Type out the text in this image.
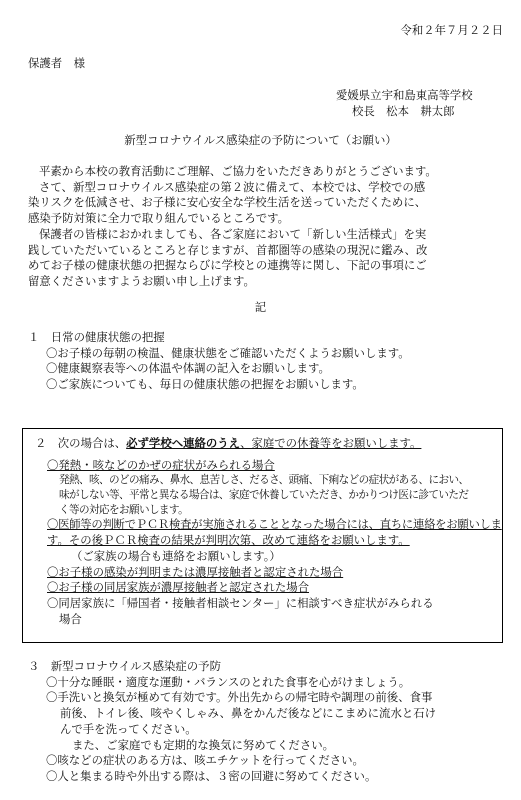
令和２年７月２２日
保護者　様
愛媛県立宇和島東高等学校
校長　松本　耕太郎
新型コロナウイルス感染症の予防について（お願い）

平素から本校の教育活動にご理解、ご協力をいただきありがとうございます。

さて、新型コロナウイルス感染症の第２波に備えて、本校では、学校での感

染リスクを低減させ、お子様に安心安全な学校生活を送っていただくために、

感染予防対策に全力で取り組んでいるところです。

保護者の皆様におかれましても、各ご家庭において「新しい生活様式」を実

践していただいているところと存じますが、首都圏等の感染の現況に鑑み、改

めてお子様の健康状態の把握ならびに学校との連携等に関し、下記の事項にご

留意くださいますようお願い申し上げます。

記
１　日常の健康状態の把握

〇お子様の毎朝の検温、健康状態をご確認いただくようお願いします。

〇健康観察表等への体温や体調の記入をお願いします。

〇ご家族についても、毎日の健康状態の把握をお願いします。

２　次の場合は、必ず学校へ連絡のうえ、家庭での休養等をお願いします。
〇発熱・咳などのかぜの症状がみられる場合
発熱、咳、のどの痛み、鼻水、息苦しさ、だるさ、頭痛、下痢などの症状がある、におい、
味がしない等、平常と異なる場合は、家庭で休養していただき、かかりつけ医に診ていただ
く等の対応をお願いします。
〇医師等の判断でＰＣＲ検査が実施されることとなった場合には、直ちに連絡をお願いしま
す。その後ＰＣＲ検査の結果が判明次第、改めて連絡をお願いします。
（ご家族の場合も連絡をお願いします。）
〇お子様の感染が判明または濃厚接触者と認定された場合
〇お子様の同居家族が濃厚接触者と認定された場合
〇同居家族に「帰国者・接触者相談センター」に相談すべき症状がみられる
場合
３　新型コロナウイルス感染症の予防

〇十分な睡眠・適度な運動・バランスのとれた食事を心がけましょう。

〇手洗いと換気が極めて有効です。外出先からの帰宅時や調理の前後、食事

前後、トイレ後、咳やくしゃみ、鼻をかんだ後などにこまめに流水と石け

んで手を洗ってください。

また、ご家庭でも定期的な換気に努めてください。

〇咳などの症状のある方は、咳エチケットを行ってください。

〇人と集まる時や外出する際は、３密の回避に努めてください。
